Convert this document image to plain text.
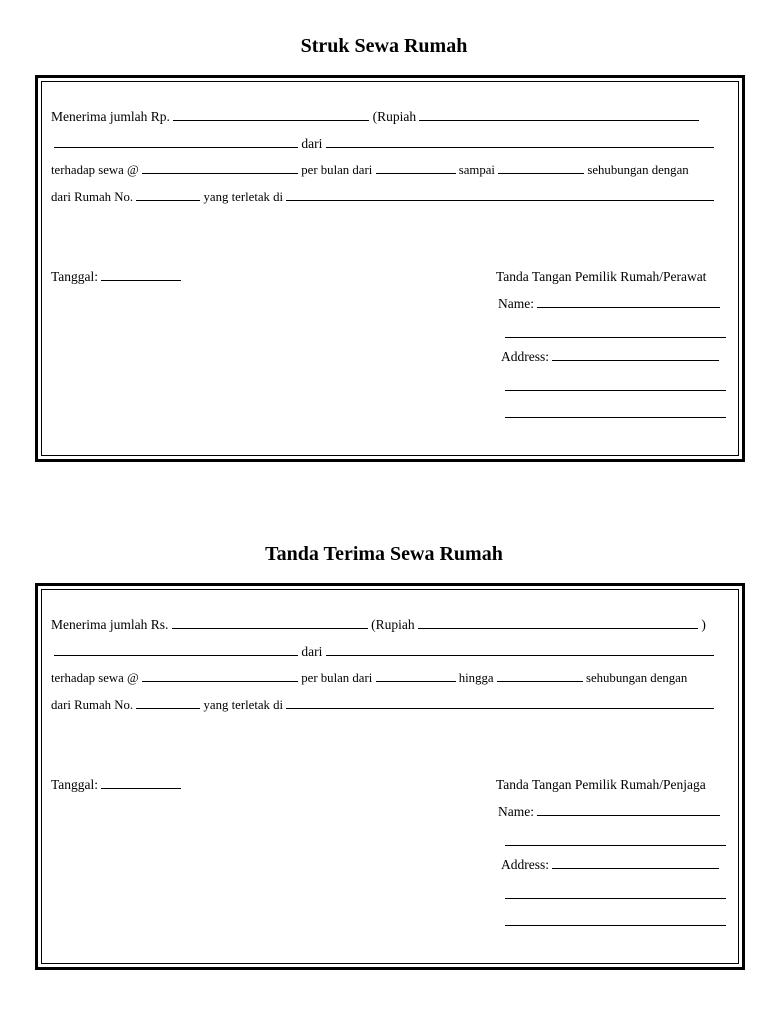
Struk Sewa Rumah

Menerima jumlah Rp.	(Rupiah

dari

terhadap sewa @	per bulan dari	sampai	sehubungan dengan

dari Rumah No.	yang terletak di

Tanggal:	Tanda Tangan Pemilik Rumah/Perawat
Name:
Address:
Tanda Terima Sewa Rumah

Menerima jumlah Rs.	(Rupiah	)

dari

terhadap sewa @	per bulan dari	hingga	sehubungan dengan

dari Rumah No.	yang terletak di

Tanggal:	Tanda Tangan Pemilik Rumah/Penjaga
Name:
Address:
